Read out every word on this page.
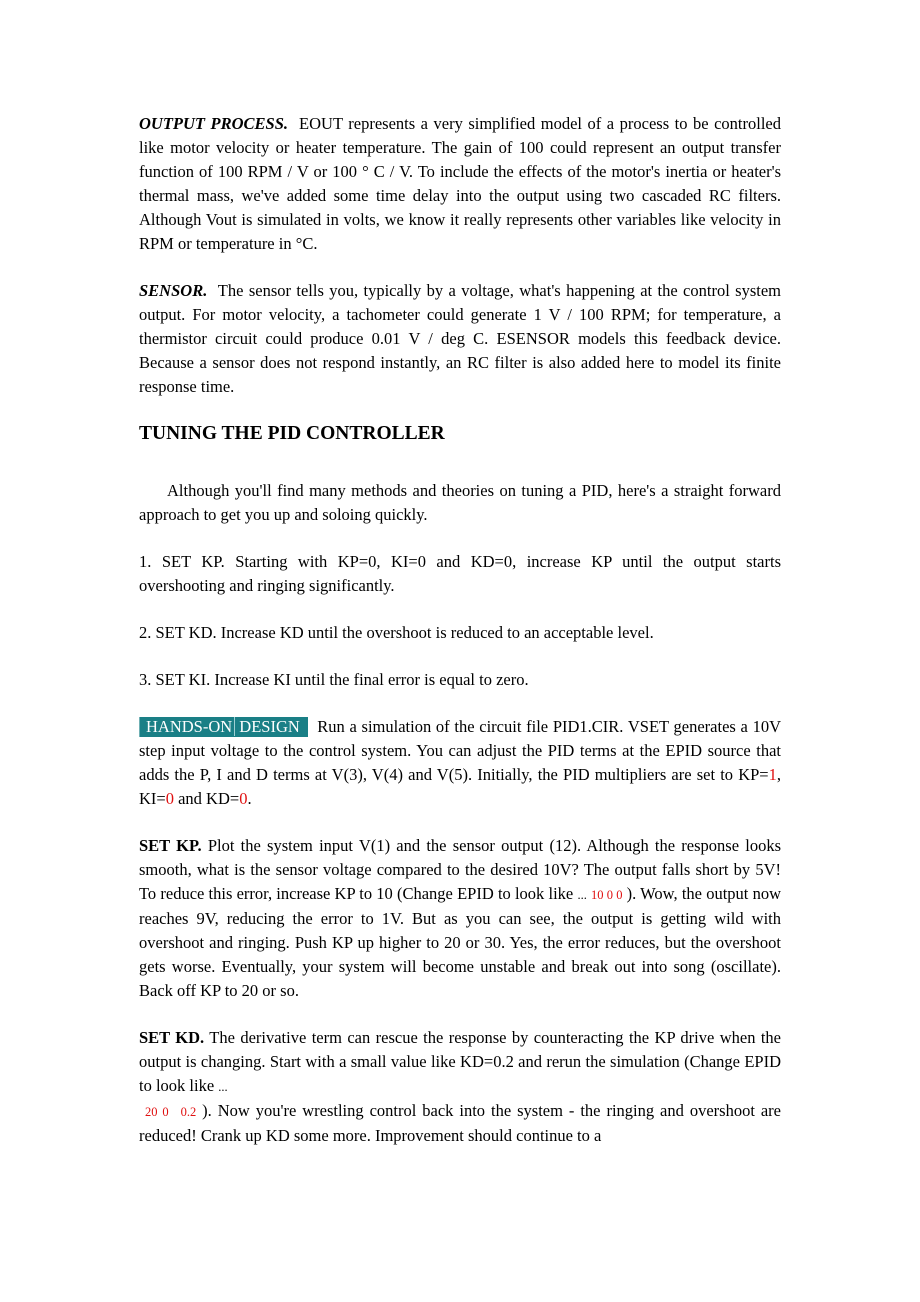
OUTPUT PROCESS. EOUT represents a very simplified model of a process to be controlled like motor velocity or heater temperature. The gain of 100 could represent an output transfer function of 100 RPM / V or 100 ° C / V. To include the effects of the motor's inertia or heater's thermal mass, we've added some time delay into the output using two cascaded RC filters. Although Vout is simulated in volts, we know it really represents other variables like velocity in RPM or temperature in °C.

SENSOR. The sensor tells you, typically by a voltage, what's happening at the control system output. For motor velocity, a tachometer could generate 1 V / 100 RPM; for temperature, a thermistor circuit could produce 0.01 V / deg C. ESENSOR models this feedback device. Because a sensor does not respond instantly, an RC filter is also added here to model its finite response time.

TUNING THE PID CONTROLLER

Although you'll find many methods and theories on tuning a PID, here's a straight forward approach to get you up and soloing quickly.

1. SET KP. Starting with KP=0, KI=0 and KD=0, increase KP until the output starts overshooting and ringing significantly.

2. SET KD. Increase KD until the overshoot is reduced to an acceptable level.

3. SET KI. Increase KI until the final error is equal to zero.

HANDS-ON DESIGN Run a simulation of the circuit file PID1.CIR. VSET generates a 10V step input voltage to the control system. You can adjust the PID terms at the EPID source that adds the P, I and D terms at V(3), V(4) and V(5). Initially, the PID multipliers are set to KP=1, KI=0 and KD=0.

SET KP. Plot the system input V(1) and the sensor output (12). Although the response looks smooth, what is the sensor voltage compared to the desired 10V? The output falls short by 5V! To reduce this error, increase KP to 10 (Change EPID to look like ... 10 0 0 ). Wow, the output now reaches 9V, reducing the error to 1V. But as you can see, the output is getting wild with overshoot and ringing. Push KP up higher to 20 or 30. Yes, the error reduces, but the overshoot gets worse. Eventually, your system will become unstable and break out into song (oscillate). Back off KP to 20 or so.

SET KD. The derivative term can rescue the response by counteracting the KP drive when the output is changing. Start with a small value like KD=0.2 and rerun the simulation (Change EPID to look like ...
20 0 0.2 ). Now you're wrestling control back into the system - the ringing and overshoot are reduced! Crank up KD some more. Improvement should continue to a
